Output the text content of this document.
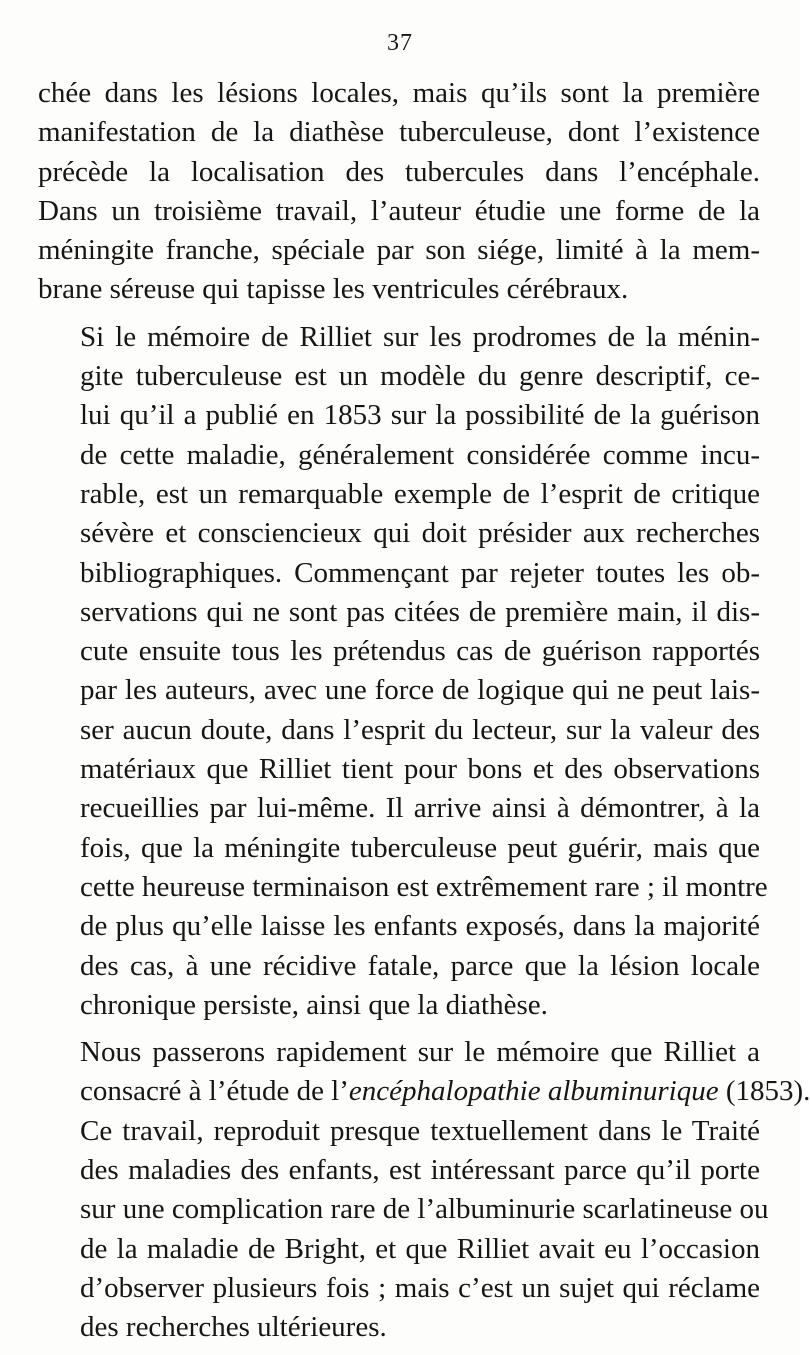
37

chée dans les lésions locales, mais qu’ils sont la première
manifestation de la diathèse tuberculeuse, dont l’existence
précède la localisation des tubercules dans l’encéphale.
Dans un troisième travail, l’auteur étudie une forme de la
méningite franche, spéciale par son siége, limité à la mem-
brane séreuse qui tapisse les ventricules cérébraux.

Si le mémoire de Rilliet sur les prodromes de la ménin-
gite tuberculeuse est un modèle du genre descriptif, ce-
lui qu’il a publié en 1853 sur la possibilité de la guérison
de cette maladie, généralement considérée comme incu-
rable, est un remarquable exemple de l’esprit de critique
sévère et consciencieux qui doit présider aux recherches
bibliographiques. Commençant par rejeter toutes les ob-
servations qui ne sont pas citées de première main, il dis-
cute ensuite tous les prétendus cas de guérison rapportés
par les auteurs, avec une force de logique qui ne peut lais-
ser aucun doute, dans l’esprit du lecteur, sur la valeur des
matériaux que Rilliet tient pour bons et des observations
recueillies par lui-même. Il arrive ainsi à démontrer, à la
fois, que la méningite tuberculeuse peut guérir, mais que
cette heureuse terminaison est extrêmement rare ; il montre
de plus qu’elle laisse les enfants exposés, dans la majorité
des cas, à une récidive fatale, parce que la lésion locale
chronique persiste, ainsi que la diathèse.

Nous passerons rapidement sur le mémoire que Rilliet a
consacré à l’étude de l’encéphalopathie albuminurique (1853).
Ce travail, reproduit presque textuellement dans le Traité
des maladies des enfants, est intéressant parce qu’il porte
sur une complication rare de l’albuminurie scarlatineuse ou
de la maladie de Bright, et que Rilliet avait eu l’occasion
d’observer plusieurs fois ; mais c’est un sujet qui réclame
des recherches ultérieures.
